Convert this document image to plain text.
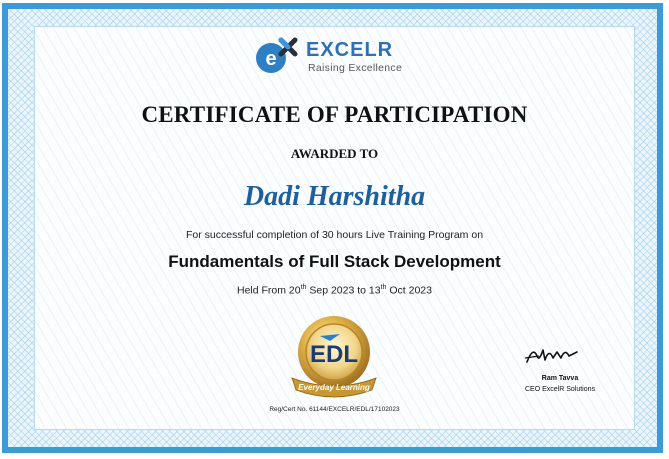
e EXCELR
Raising Excellence
CERTIFICATE OF PARTICIPATION
AWARDED TO
Dadi Harshitha
For successful completion of 30 hours Live Training Program on
Fundamentals of Full Stack Development
Held From 20th Sep 2023 to 13th Oct 2023
EDL
Everyday Learning
Reg/Cert No. 61144/EXCELR/EDL/17102023
Ram Tavva
CEO ExcelR Solutions
